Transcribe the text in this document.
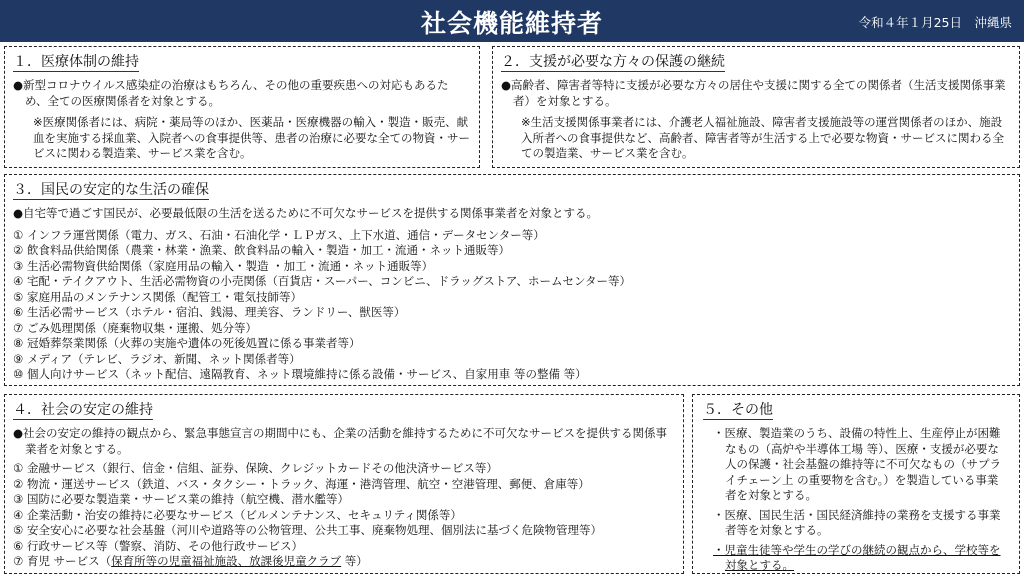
社会機能維持者	令和４年１月25日　沖縄県
１．医療体制の維持
●新型コロナウイルス感染症の治療はもちろん、その他の重要疾患への対応もあるため、全ての医療関係者を対象とする。
※医療関係者には、病院・薬局等のほか、医薬品・医療機器の輸入・製造・販売、献血を実施する採血業、入院者への食事提供等、患者の治療に必要な全ての物資・サービスに関わる製造業、サービス業を含む。
２．支援が必要な方々の保護の継続
●高齢者、障害者等特に支援が必要な方々の居住や支援に関する全ての関係者（生活支援関係事業者）を対象とする。
※生活支援関係事業者には、介護老人福祉施設、障害者支援施設等の運営関係者のほか、施設入所者への食事提供など、高齢者、障害者等が生活する上で必要な物資・サービスに関わる全ての製造業、サービス業を含む。
３．国民の安定的な生活の確保
●自宅等で過ごす国民が、必要最低限の生活を送るために不可欠なサービスを提供する関係事業者を対象とする。
① インフラ運営関係（電力、ガス、石油・石油化学・ＬＰガス、上下水道、通信・データセンター等）
② 飲食料品供給関係（農業・林業・漁業、飲食料品の輸入・製造・加工・流通・ネット通販等）
③ 生活必需物資供給関係（家庭用品の輸入・製造 ・加工・流通・ネット通販等）
④ 宅配・テイクアウト、生活必需物資の小売関係（百貨店・スーパー、コンビニ、ドラッグストア、ホームセンター等）
⑤ 家庭用品のメンテナンス関係（配管工・電気技師等）
⑥ 生活必需サービス（ホテル・宿泊、銭湯、理美容、ランドリー、獣医等）
⑦ ごみ処理関係（廃棄物収集・運搬、処分等）
⑧ 冠婚葬祭業関係（火葬の実施や遺体の死後処置に係る事業者等）
⑨ メディア（テレビ、ラジオ、新聞、ネット関係者等）
⑩ 個人向けサービス（ネット配信、遠隔教育、ネット環境維持に係る設備・サービス、自家用車 等の整備 等）
４．社会の安定の維持
●社会の安定の維持の観点から、緊急事態宣言の期間中にも、企業の活動を維持するために不可欠なサービスを提供する関係事業者を対象とする。
① 金融サービス（銀行、信金・信組、証券、保険、クレジットカードその他決済サービス等）
② 物流・運送サービス（鉄道、バス・タクシー・トラック、海運・港湾管理、航空・空港管理、郵便、倉庫等）
③ 国防に必要な製造業・サービス業の維持（航空機、潜水艦等）
④ 企業活動・治安の維持に必要なサービス（ビルメンテナンス、セキュリティ関係等）
⑤ 安全安心に必要な社会基盤（河川や道路等の公物管理、公共工事、廃棄物処理、個別法に基づく危険物管理等）
⑥ 行政サービス等（警察、消防、その他行政サービス）
⑦ 育児 サービス（保育所等の児童福祉施設、放課後児童クラブ 等）
５．その他
・医療、製造業のうち、設備の特性上、生産停止が困難なもの（高炉や半導体工場 等）、医療・支援が必要な人の保護・社会基盤の維持等に不可欠なもの（サプライチェーン上 の重要物を含む。）を製造している事業者を対象とする。
・医療、国民生活・国民経済維持の業務を支援する事業者等を対象とする。
・児童生徒等や学生の学びの継続の観点から、学校等を対象とする。
